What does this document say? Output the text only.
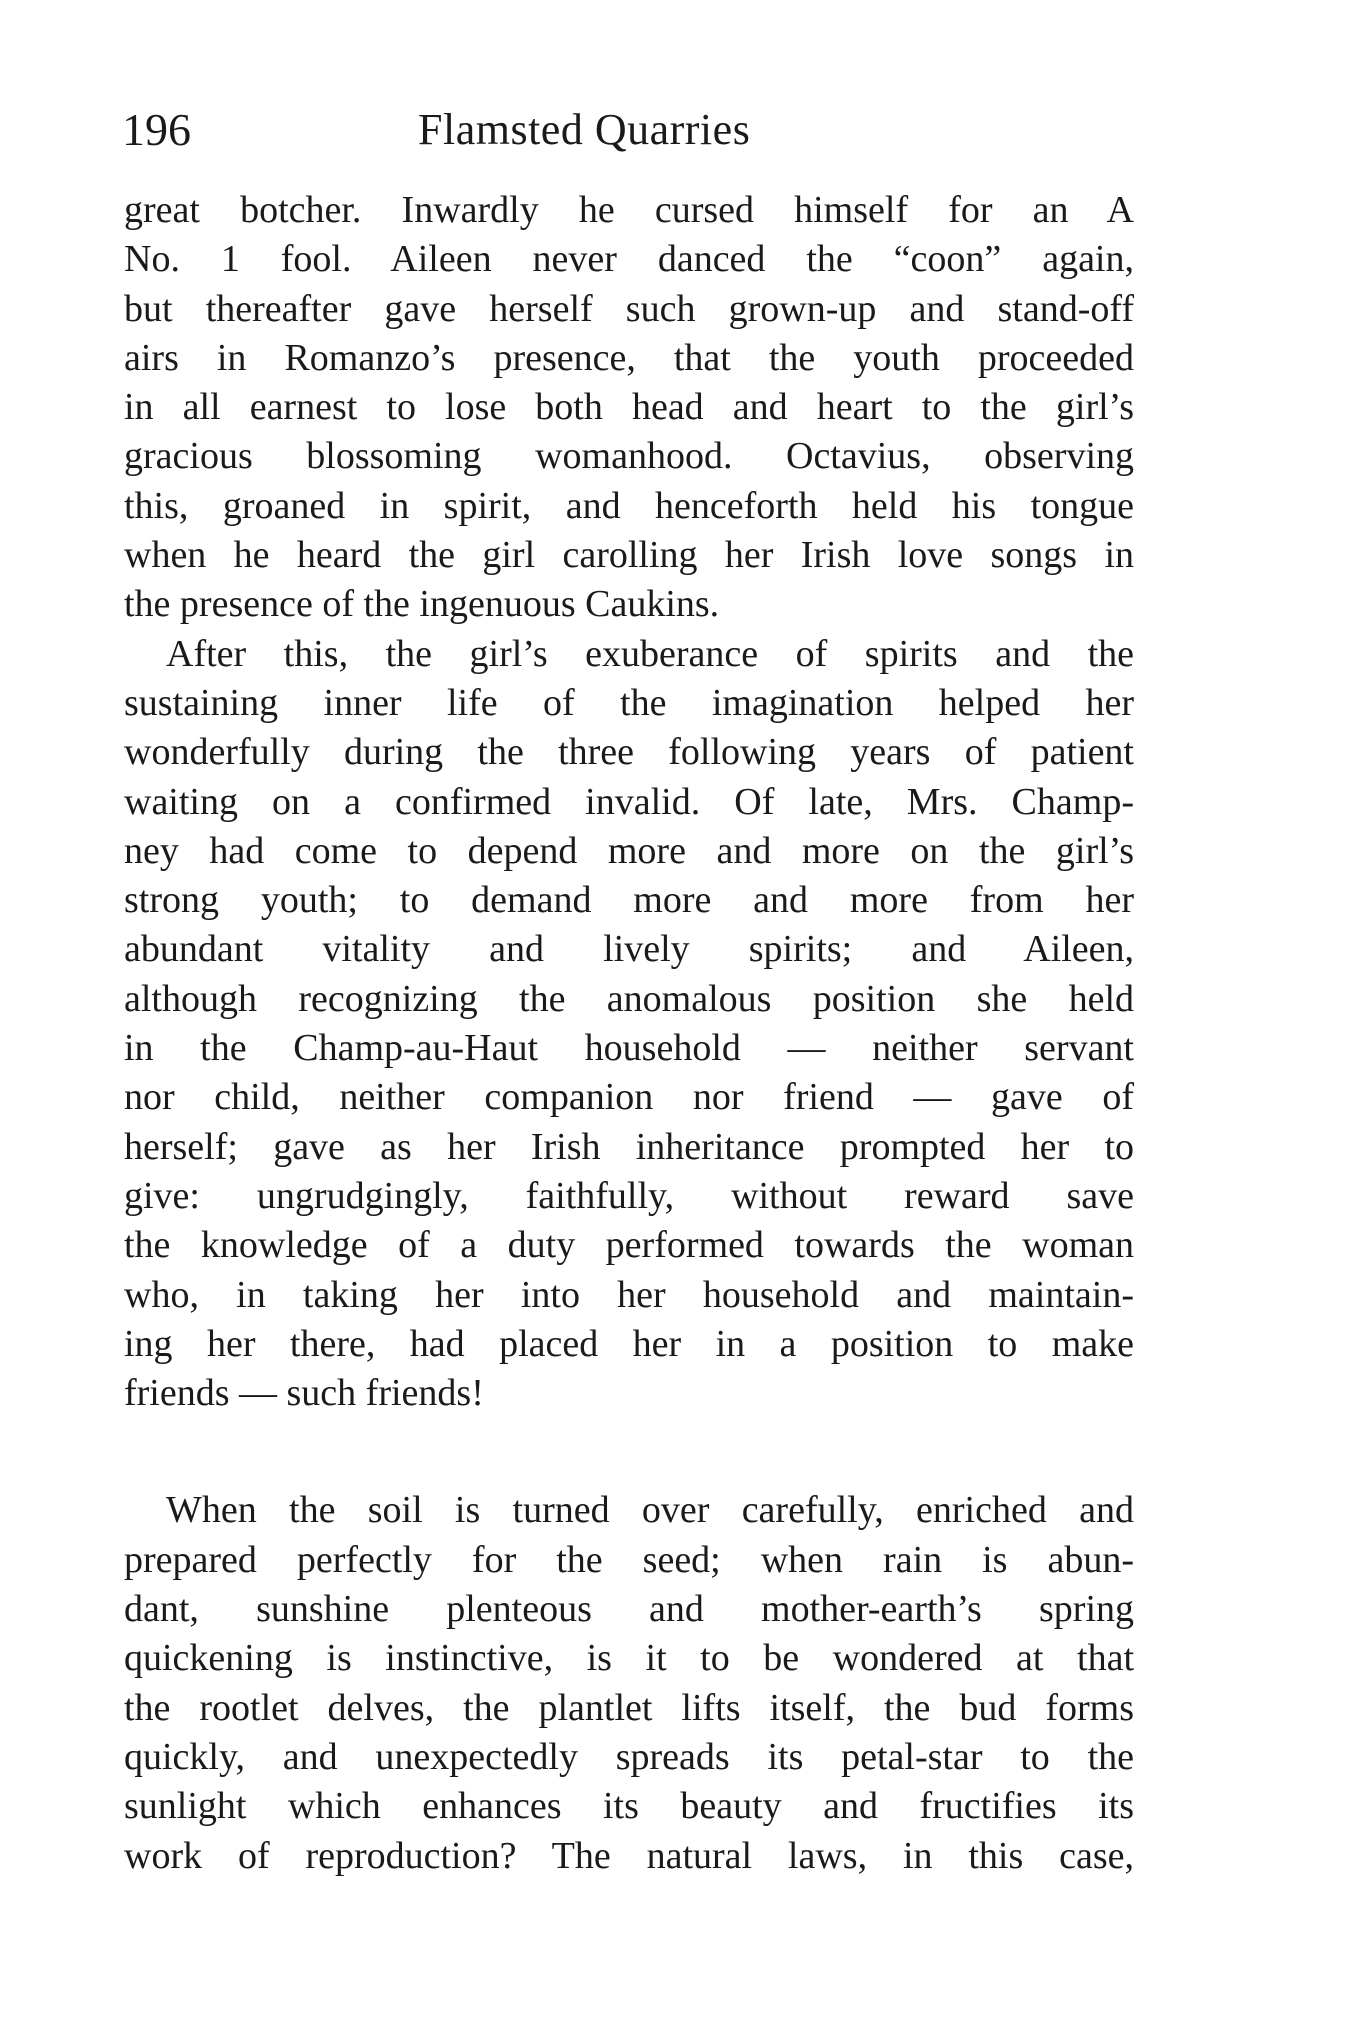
196	Flamsted Quarries
great botcher. Inwardly he cursed himself for an A
No. 1 fool. Aileen never danced the “coon” again,
but thereafter gave herself such grown-up and stand-off
airs in Romanzo’s presence, that the youth proceeded
in all earnest to lose both head and heart to the girl’s
gracious blossoming womanhood. Octavius, observing
this, groaned in spirit, and henceforth held his tongue
when he heard the girl carolling her Irish love songs in
the presence of the ingenuous Caukins.
After this, the girl’s exuberance of spirits and the
sustaining inner life of the imagination helped her
wonderfully during the three following years of patient
waiting on a confirmed invalid. Of late, Mrs. Champ-
ney had come to depend more and more on the girl’s
strong youth; to demand more and more from her
abundant vitality and lively spirits; and Aileen,
although recognizing the anomalous position she held
in the Champ-au-Haut household — neither servant
nor child, neither companion nor friend — gave of
herself; gave as her Irish inheritance prompted her to
give: ungrudgingly, faithfully, without reward save
the knowledge of a duty performed towards the woman
who, in taking her into her household and maintain-
ing her there, had placed her in a position to make
friends — such friends!
When the soil is turned over carefully, enriched and
prepared perfectly for the seed; when rain is abun-
dant, sunshine plenteous and mother-earth’s spring
quickening is instinctive, is it to be wondered at that
the rootlet delves, the plantlet lifts itself, the bud forms
quickly, and unexpectedly spreads its petal-star to the
sunlight which enhances its beauty and fructifies its
work of reproduction? The natural laws, in this case,
